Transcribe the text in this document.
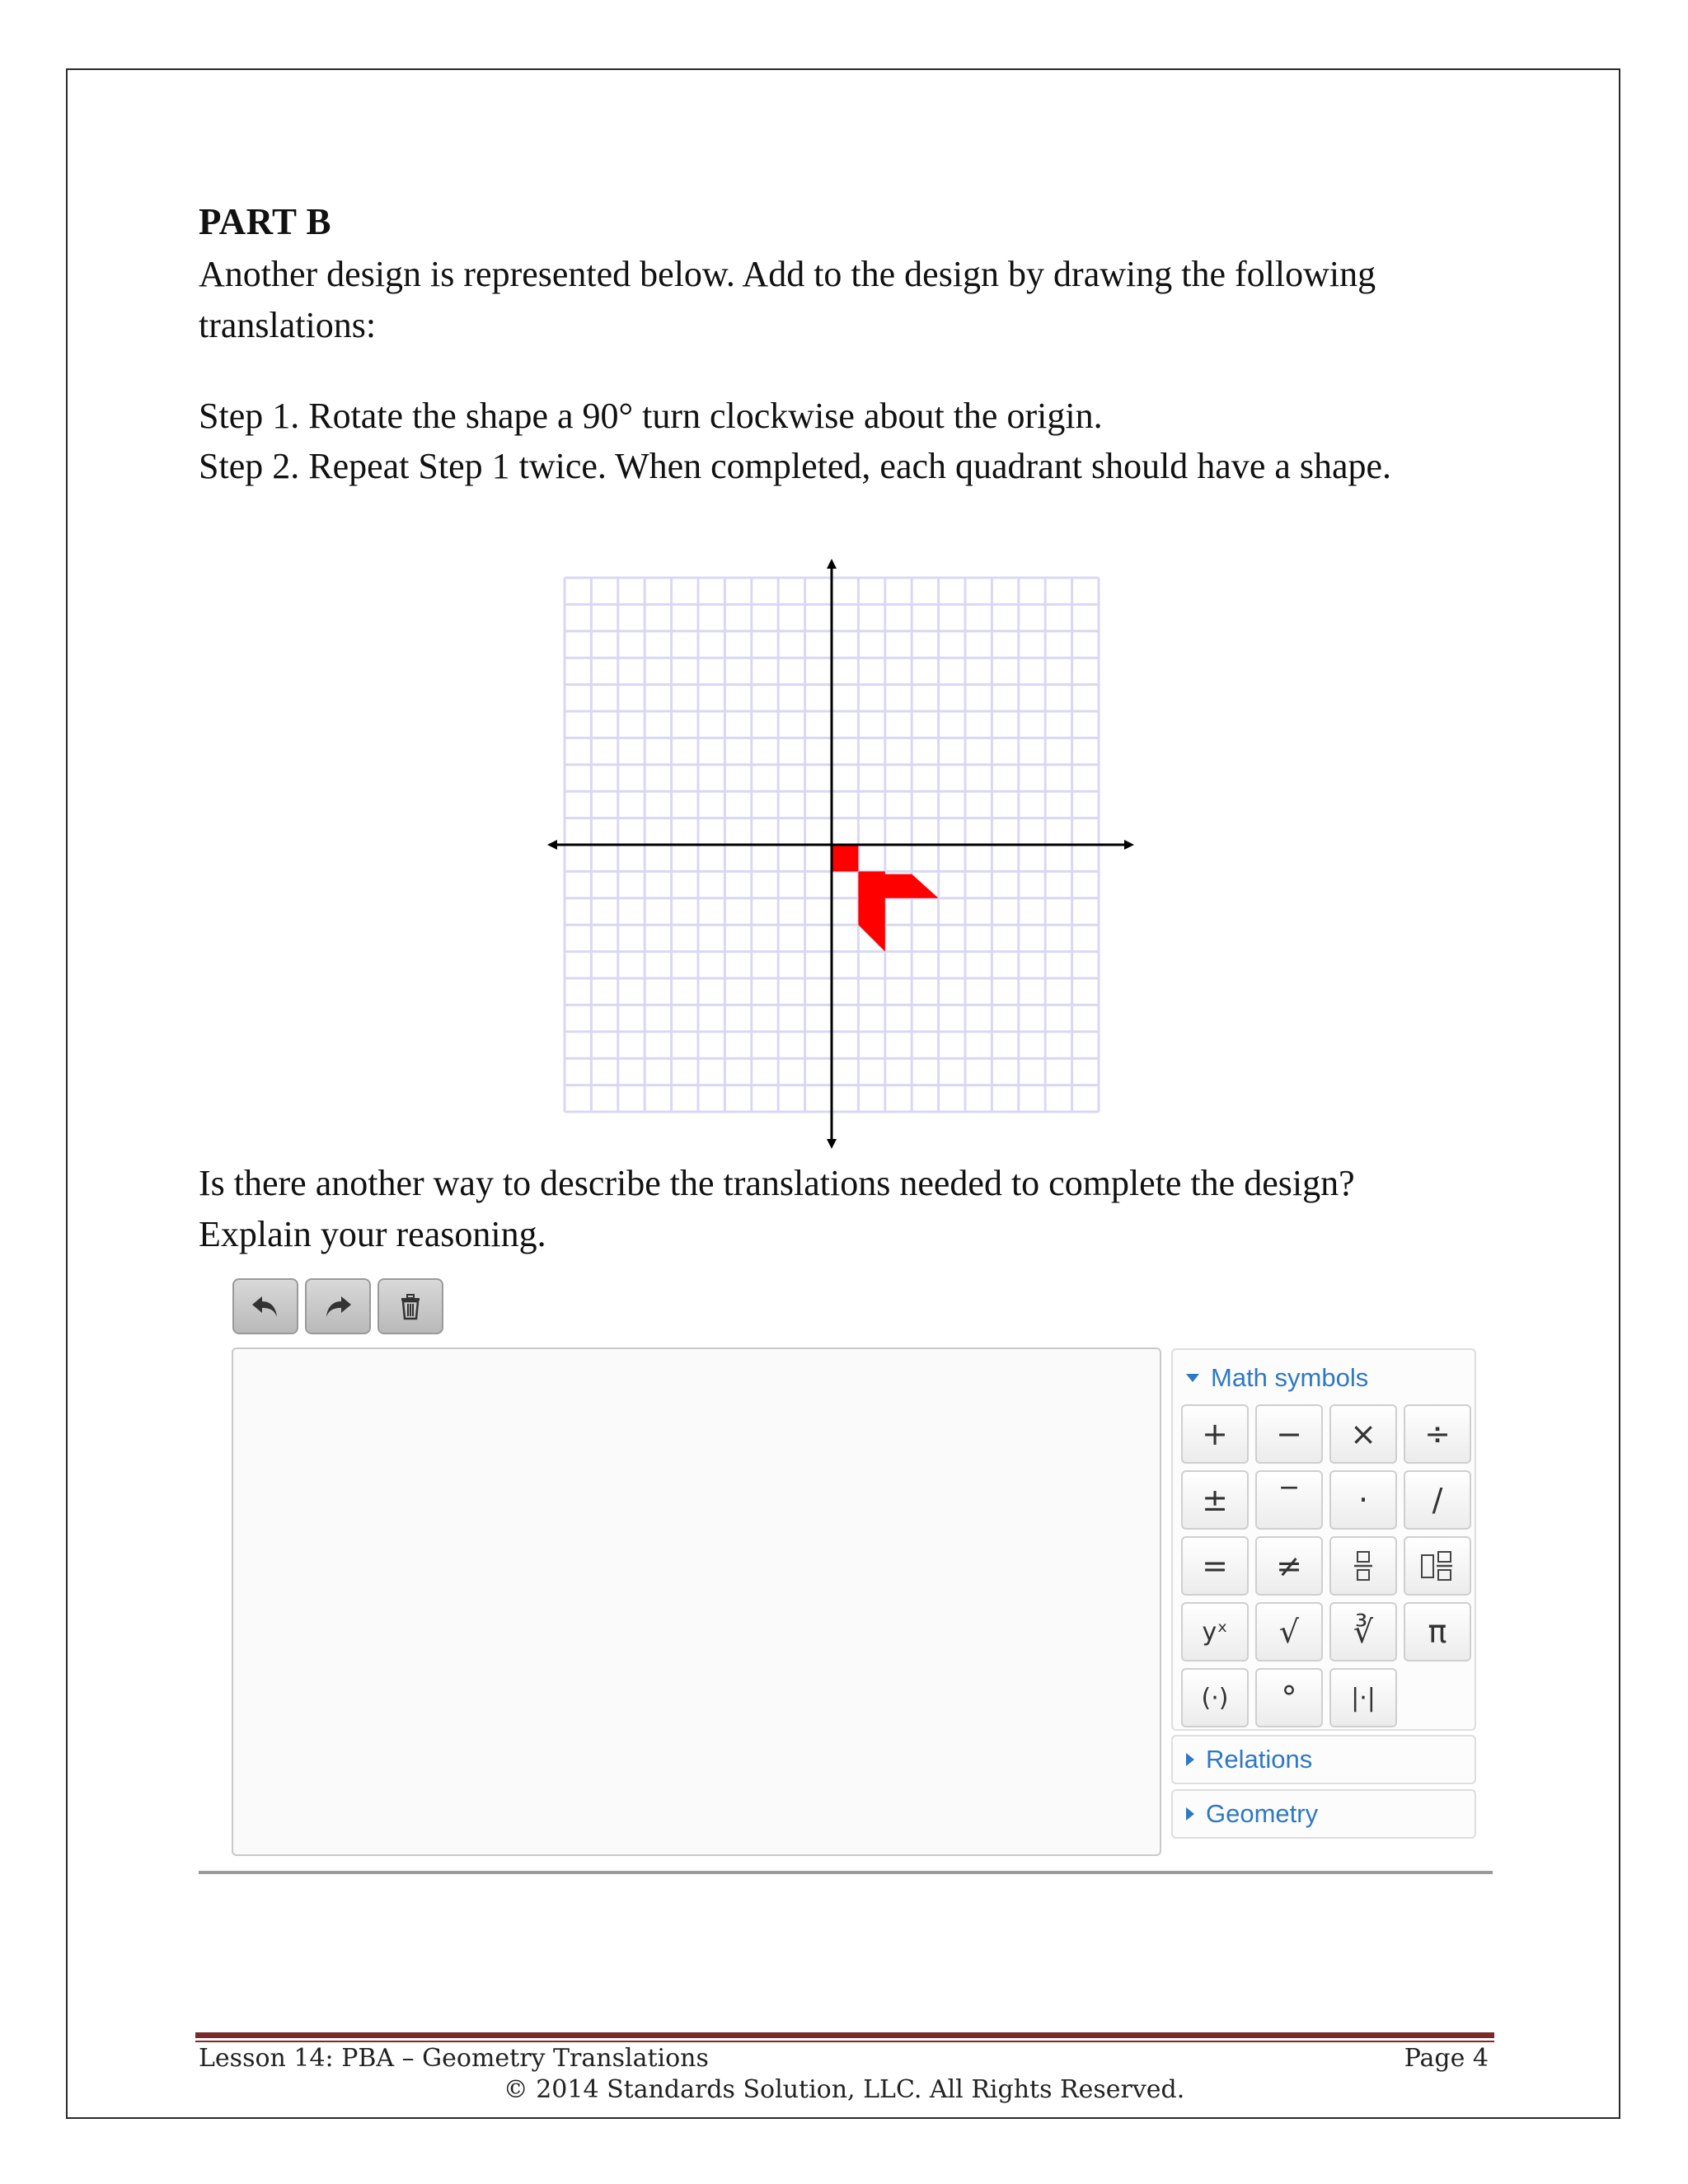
PART B
Another design is represented below. Add to the design by drawing the following
translations:
Step 1. Rotate the shape a 90° turn clockwise about the origin.
Step 2. Repeat Step 1 twice. When completed, each quadrant should have a shape.
Is there another way to describe the translations needed to complete the design?
Explain your reasoning.
Math symbols
+	−	×	÷
±	‾	·	/
=	≠
yˣ	√	∛	π
(·)	°	|·|
Relations
Geometry
Lesson 14: PBA – Geometry Translations	Page 4
© 2014 Standards Solution, LLC. All Rights Reserved.
